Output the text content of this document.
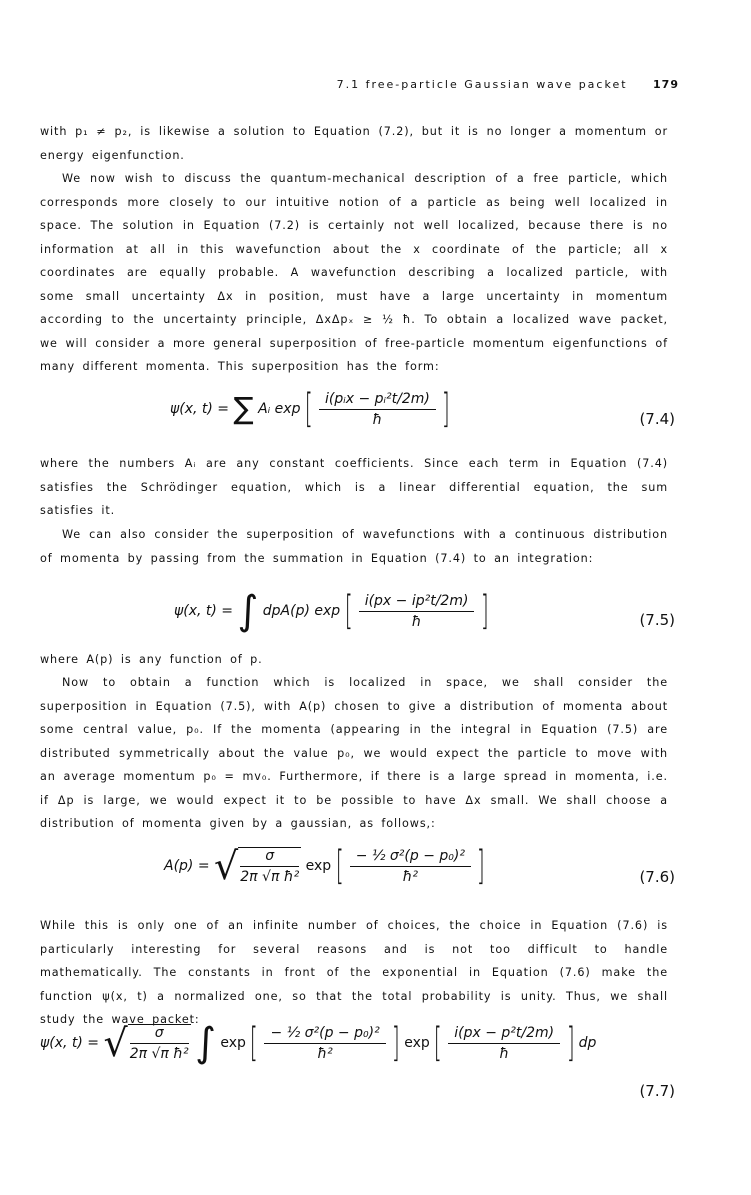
7.1 free-particle Gaussian wave packet 179
with p₁ ≠ p₂, is likewise a solution to Equation (7.2), but it is no longer a momentum or energy eigenfunction.
We now wish to discuss the quantum-mechanical description of a free particle, which corresponds more closely to our intuitive notion of a particle as being well localized in space. The solution in Equation (7.2) is certainly not well localized, because there is no information at all in this wavefunction about the x coordinate of the particle; all x coordinates are equally probable. A wavefunction describing a localized particle, with some small uncertainty Δx in position, must have a large uncertainty in momentum according to the uncertainty principle, ΔxΔpₓ ≥ ½ ħ. To obtain a localized wave packet, we will consider a more general superposition of free-particle momentum eigenfunctions of many different momenta. This superposition has the form:
ψ(x, t) = ∑ Aᵢ exp [ $\frac{\text{i(pᵢx − pᵢ²t/2m)}}{ħ}$ ]	(7.4)
where the numbers Aᵢ are any constant coefficients. Since each term in Equation (7.4) satisfies the Schrödinger equation, which is a linear differential equation, the sum satisfies it.
We can also consider the superposition of wavefunctions with a continuous distribution of momenta by passing from the summation in Equation (7.4) to an integration:
ψ(x, t) = ∫ dpA(p) exp [ $\frac{\text{i(px − ip²t/2m)}}{ħ}$ ]	(7.5)
where A(p) is any function of p.
Now to obtain a function which is localized in space, we shall consider the superposition in Equation (7.5), with A(p) chosen to give a distribution of momenta about some central value, p₀. If the momenta (appearing in the integral in Equation (7.5) are distributed symmetrically about the value p₀, we would expect the particle to move with an average momentum p₀ = mv₀. Furthermore, if there is a large spread in momenta, i.e. if Δp is large, we would expect it to be possible to have Δx small. We shall choose a distribution of momenta given by a gaussian, as follows,:
A(p) = √ $\frac{\sigma}{\text{2π √π ħ²}}$ exp [ $\frac{\text{− ½ σ²(p − p₀)²}}{\text{ħ²}}$ ]	(7.6)
While this is only one of an infinite number of choices, the choice in Equation (7.6) is particularly interesting for several reasons and is not too difficult to handle mathematically. The constants in front of the exponential in Equation (7.6) make the function ψ(x, t) a normalized one, so that the total probability is unity. Thus, we shall study the wave packet:
ψ(x, t) = √ $\frac{\sigma}{\text{2π √π ħ²}}$ ∫ exp [ $\frac{\text{− ½ σ²(p − p₀)²}}{\text{ħ²}}$ ] exp [ $\frac{\text{i(px − p²t/2m)}}{ħ}$ ] dp
(7.7)
